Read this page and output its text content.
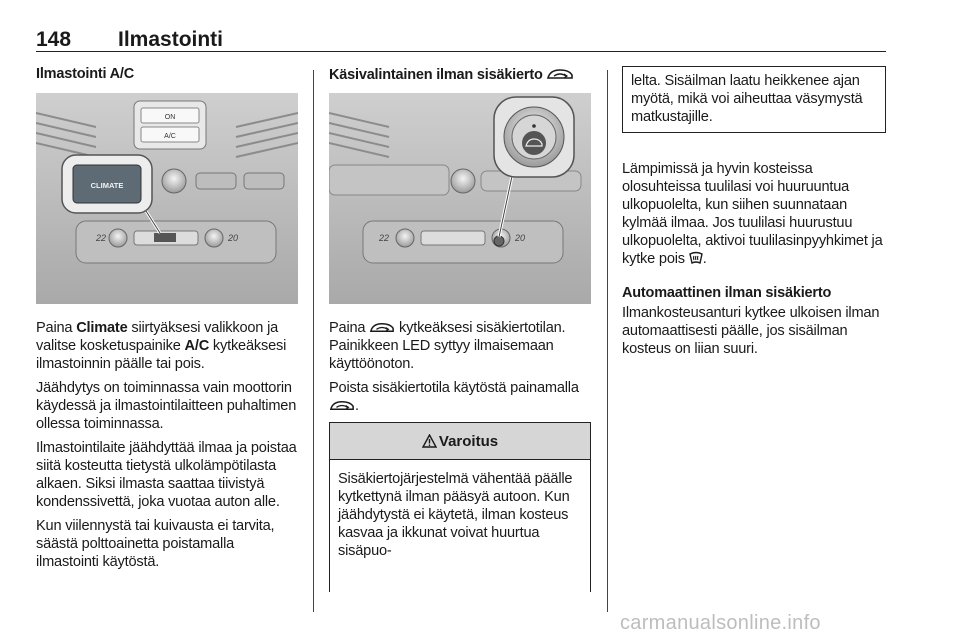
148 Ilmastointi
Ilmastointi A/C
ON
A/C
22	20
CLIMATE

Paina Climate siirtyäksesi valikkoon ja valitse kosketuspainike A/C kytkeäksesi ilmastoinnin päälle tai pois.

Jäähdytys on toiminnassa vain moottorin käydessä ja ilmastointilaitteen puhaltimen ollessa toiminnassa.

Ilmastointilaite jäähdyttää ilmaa ja poistaa siitä kosteutta tietystä ulkolämpötilasta alkaen. Siksi ilmasta saattaa tiivistyä kondenssivettä, joka vuotaa auton alle.

Kun viilennystä tai kuivausta ei tarvita, säästä polttoainetta poistamalla ilmastointi käytöstä.

Käsivalintainen ilman sisäkierto
22	20

Paina  kytkeäksesi sisäkiertotilan. Painikkeen LED syttyy ilmaisemaan käyttöönoton.

Poista sisäkiertotila käytöstä painamalla .

Varoitus
Sisäkiertojärjestelmä vähentää päälle kytkettynä ilman pääsyä autoon. Kun jäähdytystä ei käytetä, ilman kosteus kasvaa ja ikkunat voivat huurtua sisäpuo-
lelta. Sisäilman laatu heikkenee ajan myötä, mikä voi aiheuttaa väsymystä matkustajille.

Lämpimissä ja hyvin kosteissa olosuhteissa tuulilasi voi huuruuntua ulkopuolelta, kun siihen suunnataan kylmää ilmaa. Jos tuulilasi huurustuu ulkopuolelta, aktivoi tuulilasinpyyhkimet ja kytke pois .

Automaattinen ilman sisäkierto

Ilmankosteusanturi kytkee ulkoisen ilman automaattisesti päälle, jos sisäilman kosteus on liian suuri.

carmanualsonline.info
